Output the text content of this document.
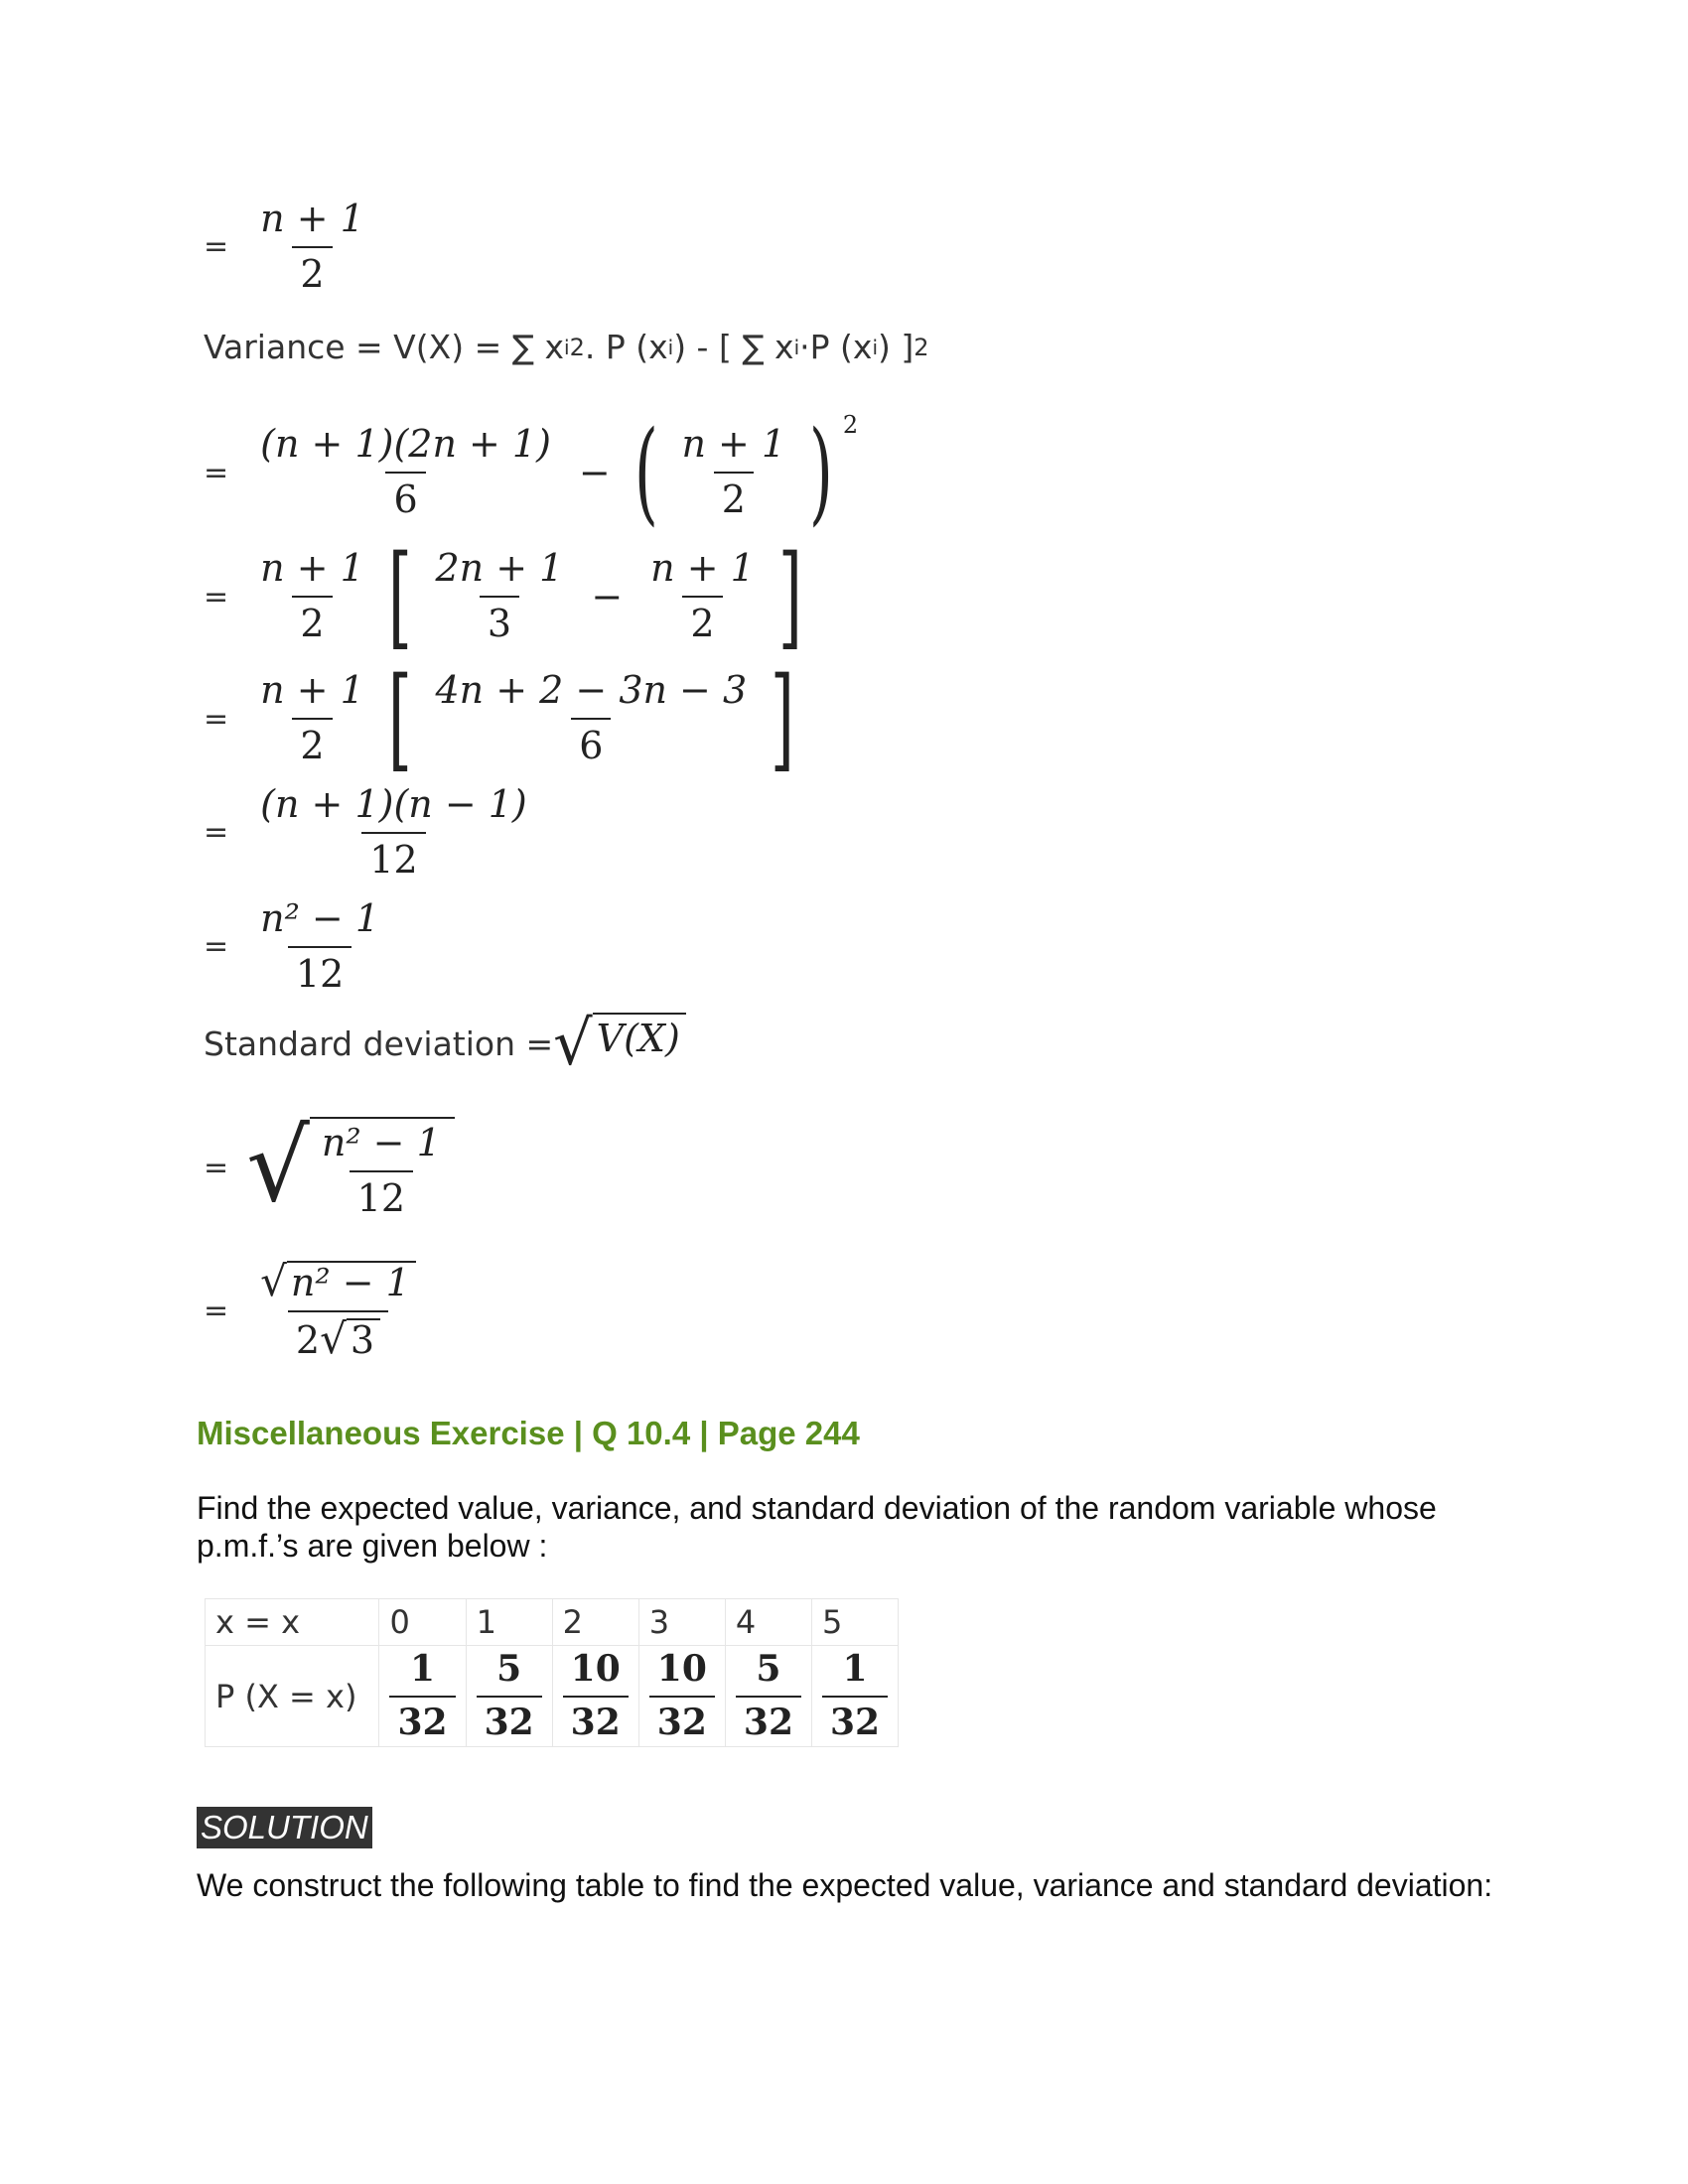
= $\frac{n + 1}{2}$
Variance = V(X) = ∑ x i 2 . P (x i ) - [ ∑ x i ·P (x i ) ] 2
= $\frac{(n + 1)(2n + 1)}{6}$ − ( $\frac{n + 1}{2}$ ) 2
= $\frac{n + 1}{2}$ [ $\frac{2n + 1}{3} - \frac{n + 1}{2}$ ]
= $\frac{n + 1}{2}$ [ $\frac{4n + 2 - 3n - 3}{6}$ ]
= $\frac{(n + 1)(n - 1)}{12}$
= $\frac{\text{n² − 1}}{12}$
Standard deviation = √ V(X)
= √ $\frac{\text{n² − 1}}{12}$
= $\frac{\text{√ n² − 1}}{2 √ 3}$
Miscellaneous Exercise | Q 10.4 | Page 244
Find the expected value, variance, and standard deviation of the random variable whose p.m.f.’s are given below :
x = x	0	1	2	3	4	5
P (X = x)	$\frac{1}{32}$	$\frac{5}{32}$	$\frac{10}{32}$	$\frac{10}{32}$	$\frac{5}{32}$	$\frac{1}{32}$
SOLUTION
We construct the following table to find the expected value, variance and standard deviation:
